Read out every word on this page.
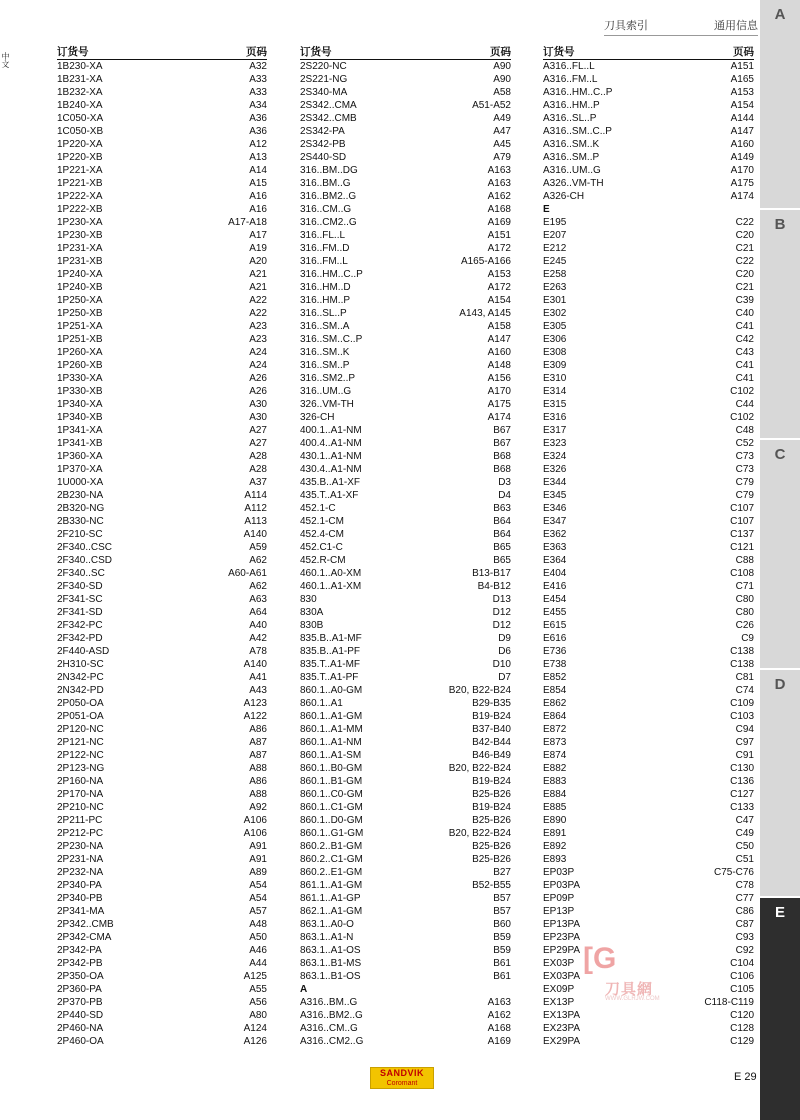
中文
刀具索引	通用信息
A
B
C
D
E
订货号	页码
1B230-XA	A32
1B231-XA	A33
1B232-XA	A33
1B240-XA	A34
1C050-XA	A36
1C050-XB	A36
1P220-XA	A12
1P220-XB	A13
1P221-XA	A14
1P221-XB	A15
1P222-XA	A16
1P222-XB	A16
1P230-XA	A17-A18
1P230-XB	A17
1P231-XA	A19
1P231-XB	A20
1P240-XA	A21
1P240-XB	A21
1P250-XA	A22
1P250-XB	A22
1P251-XA	A23
1P251-XB	A23
1P260-XA	A24
1P260-XB	A24
1P330-XA	A26
1P330-XB	A26
1P340-XA	A30
1P340-XB	A30
1P341-XA	A27
1P341-XB	A27
1P360-XA	A28
1P370-XA	A28
1U000-XA	A37
2B230-NA	A114
2B320-NG	A112
2B330-NC	A113
2F210-SC	A140
2F340..CSC	A59
2F340..CSD	A62
2F340..SC	A60-A61
2F340-SD	A62
2F341-SC	A63
2F341-SD	A64
2F342-PC	A40
2F342-PD	A42
2F440-ASD	A78
2H310-SC	A140
2N342-PC	A41
2N342-PD	A43
2P050-OA	A123
2P051-OA	A122
2P120-NC	A86
2P121-NC	A87
2P122-NC	A87
2P123-NG	A88
2P160-NA	A86
2P170-NA	A88
2P210-NC	A92
2P211-PC	A106
2P212-PC	A106
2P230-NA	A91
2P231-NA	A91
2P232-NA	A89
2P340-PA	A54
2P340-PB	A54
2P341-MA	A57
2P342..CMB	A48
2P342-CMA	A50
2P342-PA	A46
2P342-PB	A44
2P350-OA	A125
2P360-PA	A55
2P370-PB	A56
2P440-SD	A80
2P460-NA	A124
2P460-OA	A126
订货号	页码
2S220-NC	A90
2S221-NG	A90
2S340-MA	A58
2S342..CMA	A51-A52
2S342..CMB	A49
2S342-PA	A47
2S342-PB	A45
2S440-SD	A79
316..BM..DG	A163
316..BM..G	A163
316..BM2..G	A162
316..CM..G	A168
316..CM2..G	A169
316..FL..L	A151
316..FM..D	A172
316..FM..L	A165-A166
316..HM..C..P	A153
316..HM..D	A172
316..HM..P	A154
316..SL..P	A143, A145
316..SM..A	A158
316..SM..C..P	A147
316..SM..K	A160
316..SM..P	A148
316..SM2..P	A156
316..UM..G	A170
326..VM-TH	A175
326-CH	A174
400.1..A1-NM	B67
400.4..A1-NM	B67
430.1..A1-NM	B68
430.4..A1-NM	B68
435.B..A1-XF	D3
435.T..A1-XF	D4
452.1-C	B63
452.1-CM	B64
452.4-CM	B64
452.C1-C	B65
452.R-CM	B65
460.1..A0-XM	B13-B17
460.1..A1-XM	B4-B12
830	D13
830A	D12
830B	D12
835.B..A1-MF	D9
835.B..A1-PF	D6
835.T..A1-MF	D10
835.T..A1-PF	D7
860.1..A0-GM	B20, B22-B24
860.1..A1	B29-B35
860.1..A1-GM	B19-B24
860.1..A1-MM	B37-B40
860.1..A1-NM	B42-B44
860.1..A1-SM	B46-B49
860.1..B0-GM	B20, B22-B24
860.1..B1-GM	B19-B24
860.1..C0-GM	B25-B26
860.1..C1-GM	B19-B24
860.1..D0-GM	B25-B26
860.1..G1-GM	B20, B22-B24
860.2..B1-GM	B25-B26
860.2..C1-GM	B25-B26
860.2..E1-GM	B27
861.1..A1-GM	B52-B55
861.1..A1-GP	B57
862.1..A1-GM	B57
863.1..A0-O	B60
863.1..A1-N	B59
863.1..A1-OS	B59
863.1..B1-MS	B61
863.1..B1-OS	B61
A
A316..BM..G	A163
A316..BM2..G	A162
A316..CM..G	A168
A316..CM2..G	A169
订货号	页码
A316..FL..L	A151
A316..FM..L	A165
A316..HM..C..P	A153
A316..HM..P	A154
A316..SL..P	A144
A316..SM..C..P	A147
A316..SM..K	A160
A316..SM..P	A149
A316..UM..G	A170
A326..VM-TH	A175
A326-CH	A174
E
E195	C22
E207	C20
E212	C21
E245	C22
E258	C20
E263	C21
E301	C39
E302	C40
E305	C41
E306	C42
E308	C43
E309	C41
E310	C41
E314	C102
E315	C44
E316	C102
E317	C48
E323	C52
E324	C73
E326	C73
E344	C79
E345	C79
E346	C107
E347	C107
E362	C137
E363	C121
E364	C88
E404	C108
E416	C71
E454	C80
E455	C80
E615	C26
E616	C9
E736	C138
E738	C138
E852	C81
E854	C74
E862	C109
E864	C103
E872	C94
E873	C97
E874	C91
E882	C130
E883	C136
E884	C127
E885	C133
E890	C47
E891	C49
E892	C50
E893	C51
EP03P	C75-C76
EP03PA	C78
EP09P	C77
EP13P	C86
EP13PA	C87
EP23PA	C93
EP29PA	C92
EX03P	C104
EX03PA	C106
EX09P	C105
EX13P	C118-C119
EX13PA	C120
EX23PA	C128
EX29PA	C129
[G
刀具網
WWW.GLRJW.COM
SANDVIK
Coromant
E 29
